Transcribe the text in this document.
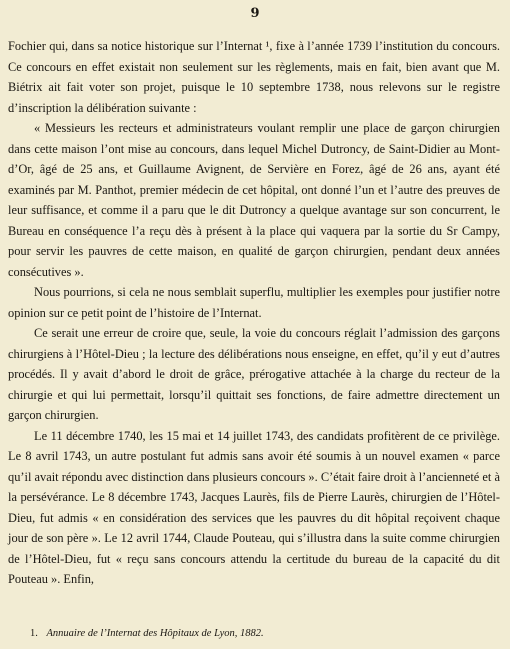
9

Fochier qui, dans sa notice historique sur l’Internat ¹, fixe à l’année 1739 l’institution du concours. Ce concours en effet existait non seulement sur les règlements, mais en fait, bien avant que M. Biétrix ait fait voter son projet, puisque le 10 septembre 1738, nous relevons sur le registre d’inscription la délibération suivante :

« Messieurs les recteurs et administrateurs voulant remplir une place de garçon chirurgien dans cette maison l’ont mise au concours, dans lequel Michel Dutroncy, de Saint-Didier au Mont-d’Or, âgé de 25 ans, et Guillaume Avignent, de Servière en Forez, âgé de 26 ans, ayant été examinés par M. Panthot, premier médecin de cet hôpital, ont donné l’un et l’autre des preuves de leur suffisance, et comme il a paru que le dit Dutroncy a quelque avantage sur son concurrent, le Bureau en conséquence l’a reçu dès à présent à la place qui vaquera par la sortie du Sr Campy, pour servir les pauvres de cette maison, en qualité de garçon chirurgien, pendant deux années consécutives ».

Nous pourrions, si cela ne nous semblait superflu, multiplier les exemples pour justifier notre opinion sur ce petit point de l’histoire de l’Internat.

Ce serait une erreur de croire que, seule, la voie du concours réglait l’admission des garçons chirurgiens à l’Hôtel-Dieu ; la lecture des délibérations nous enseigne, en effet, qu’il y eut d’autres procédés. Il y avait d’abord le droit de grâce, prérogative attachée à la charge du recteur de la chirurgie et qui lui permettait, lorsqu’il quittait ses fonctions, de faire admettre directement un garçon chirurgien.

Le 11 décembre 1740, les 15 mai et 14 juillet 1743, des candidats profitèrent de ce privilège. Le 8 avril 1743, un autre postulant fut admis sans avoir été soumis à un nouvel examen « parce qu’il avait répondu avec distinction dans plusieurs concours ». C’était faire droit à l’ancienneté et à la persévérance. Le 8 décembre 1743, Jacques Laurès, fils de Pierre Laurès, chirurgien de l’Hôtel-Dieu, fut admis « en considération des services que les pauvres du dit hôpital reçoivent chaque jour de son père ». Le 12 avril 1744, Claude Pouteau, qui s’illustra dans la suite comme chirurgien de l’Hôtel-Dieu, fut « reçu sans concours attendu la certitude du bureau de la capacité du dit Pouteau ». Enfin,

1. Annuaire de l’Internat des Hôpitaux de Lyon, 1882.
